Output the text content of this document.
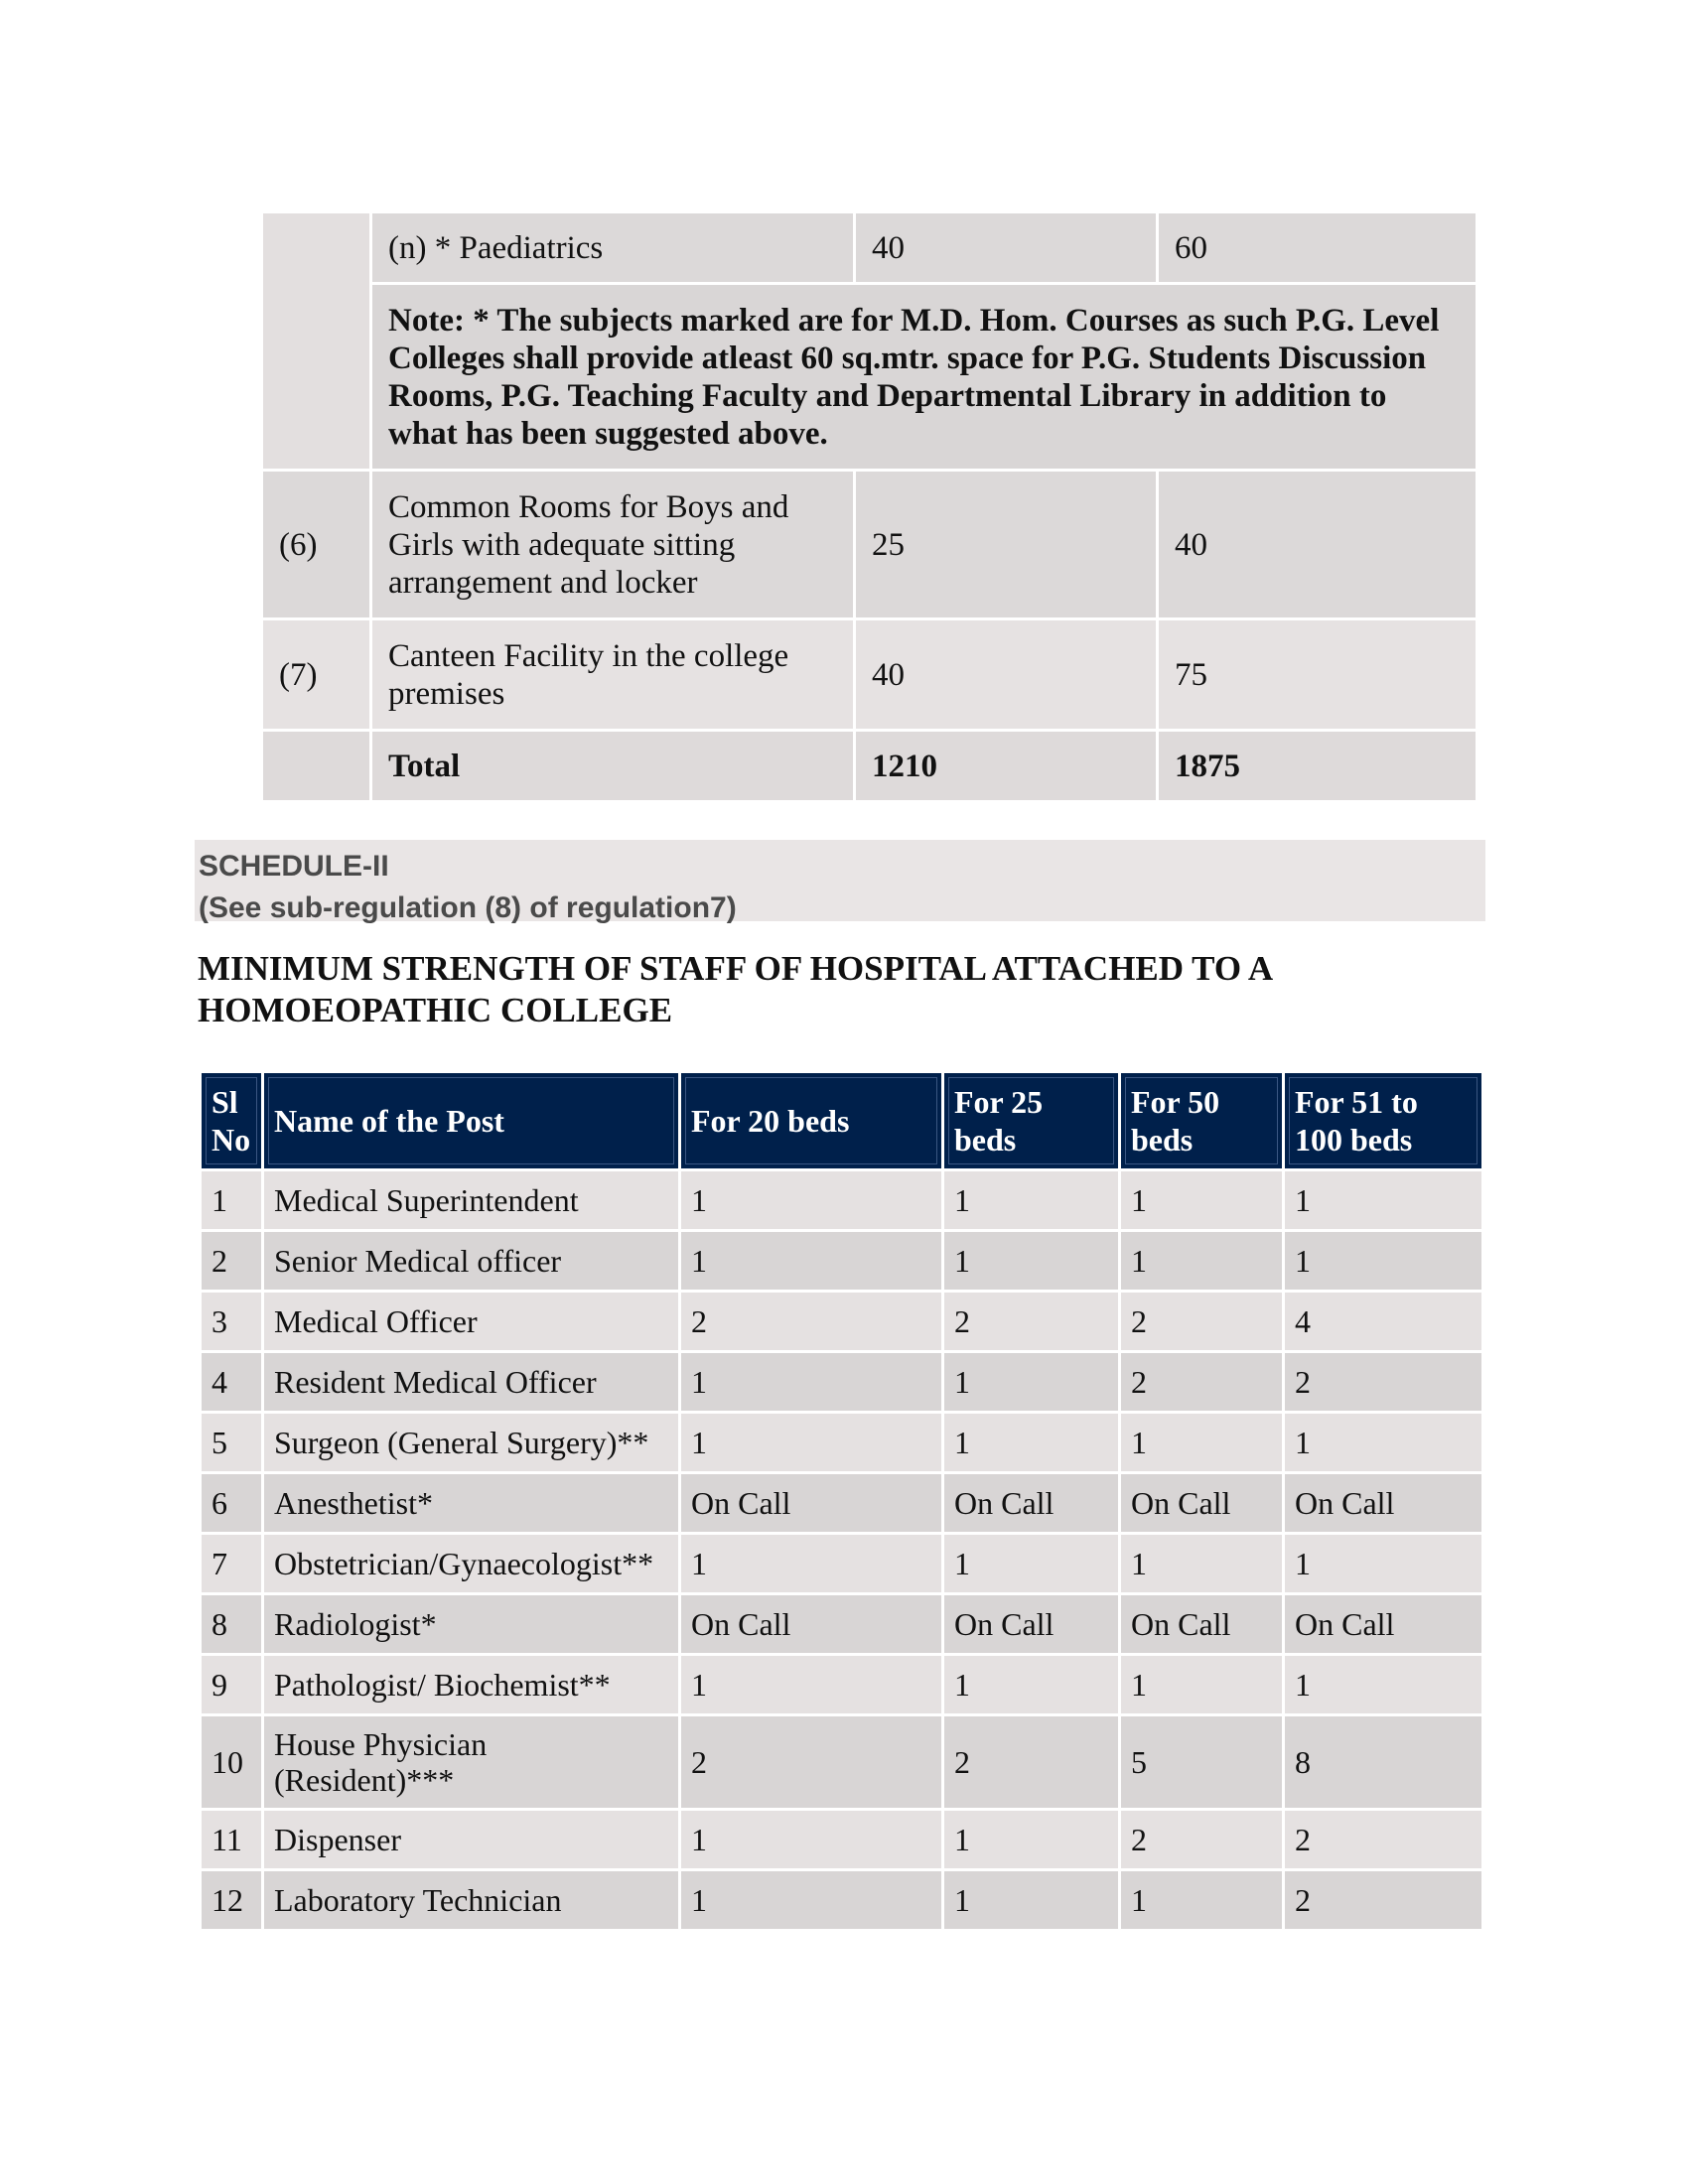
	(n) * Paediatrics	40	60
	Note: * The subjects marked are for M.D. Hom. Courses as such P.G. Level Colleges shall provide atleast 60 sq.mtr. space for P.G. Students Discussion Rooms, P.G. Teaching Faculty and Departmental Library in addition to what has been suggested above.		
(6)	Common Rooms for Boys and Girls with adequate sitting arrangement and locker	25	40
(7)	Canteen Facility in the college premises	40	75
	Total	1210	1875
SCHEDULE-II
(See sub-regulation (8) of regulation7)
MINIMUM STRENGTH OF STAFF OF HOSPITAL ATTACHED TO A
HOMOEOPATHIC COLLEGE
Sl No	Name of the Post	For 20 beds	For 25 beds	For 50 beds	For 51 to 100 beds
1	Medical Superintendent	1	1	1	1
2	Senior Medical officer	1	1	1	1
3	Medical Officer	2	2	2	4
4	Resident Medical Officer	1	1	2	2
5	Surgeon (General Surgery)**	1	1	1	1
6	Anesthetist*	On Call	On Call	On Call	On Call
7	Obstetrician/Gynaecologist**	1	1	1	1
8	Radiologist*	On Call	On Call	On Call	On Call
9	Pathologist/ Biochemist**	1	1	1	1
10	House Physician (Resident)***	2	2	5	8
11	Dispenser	1	1	2	2
12	Laboratory Technician	1	1	1	2
